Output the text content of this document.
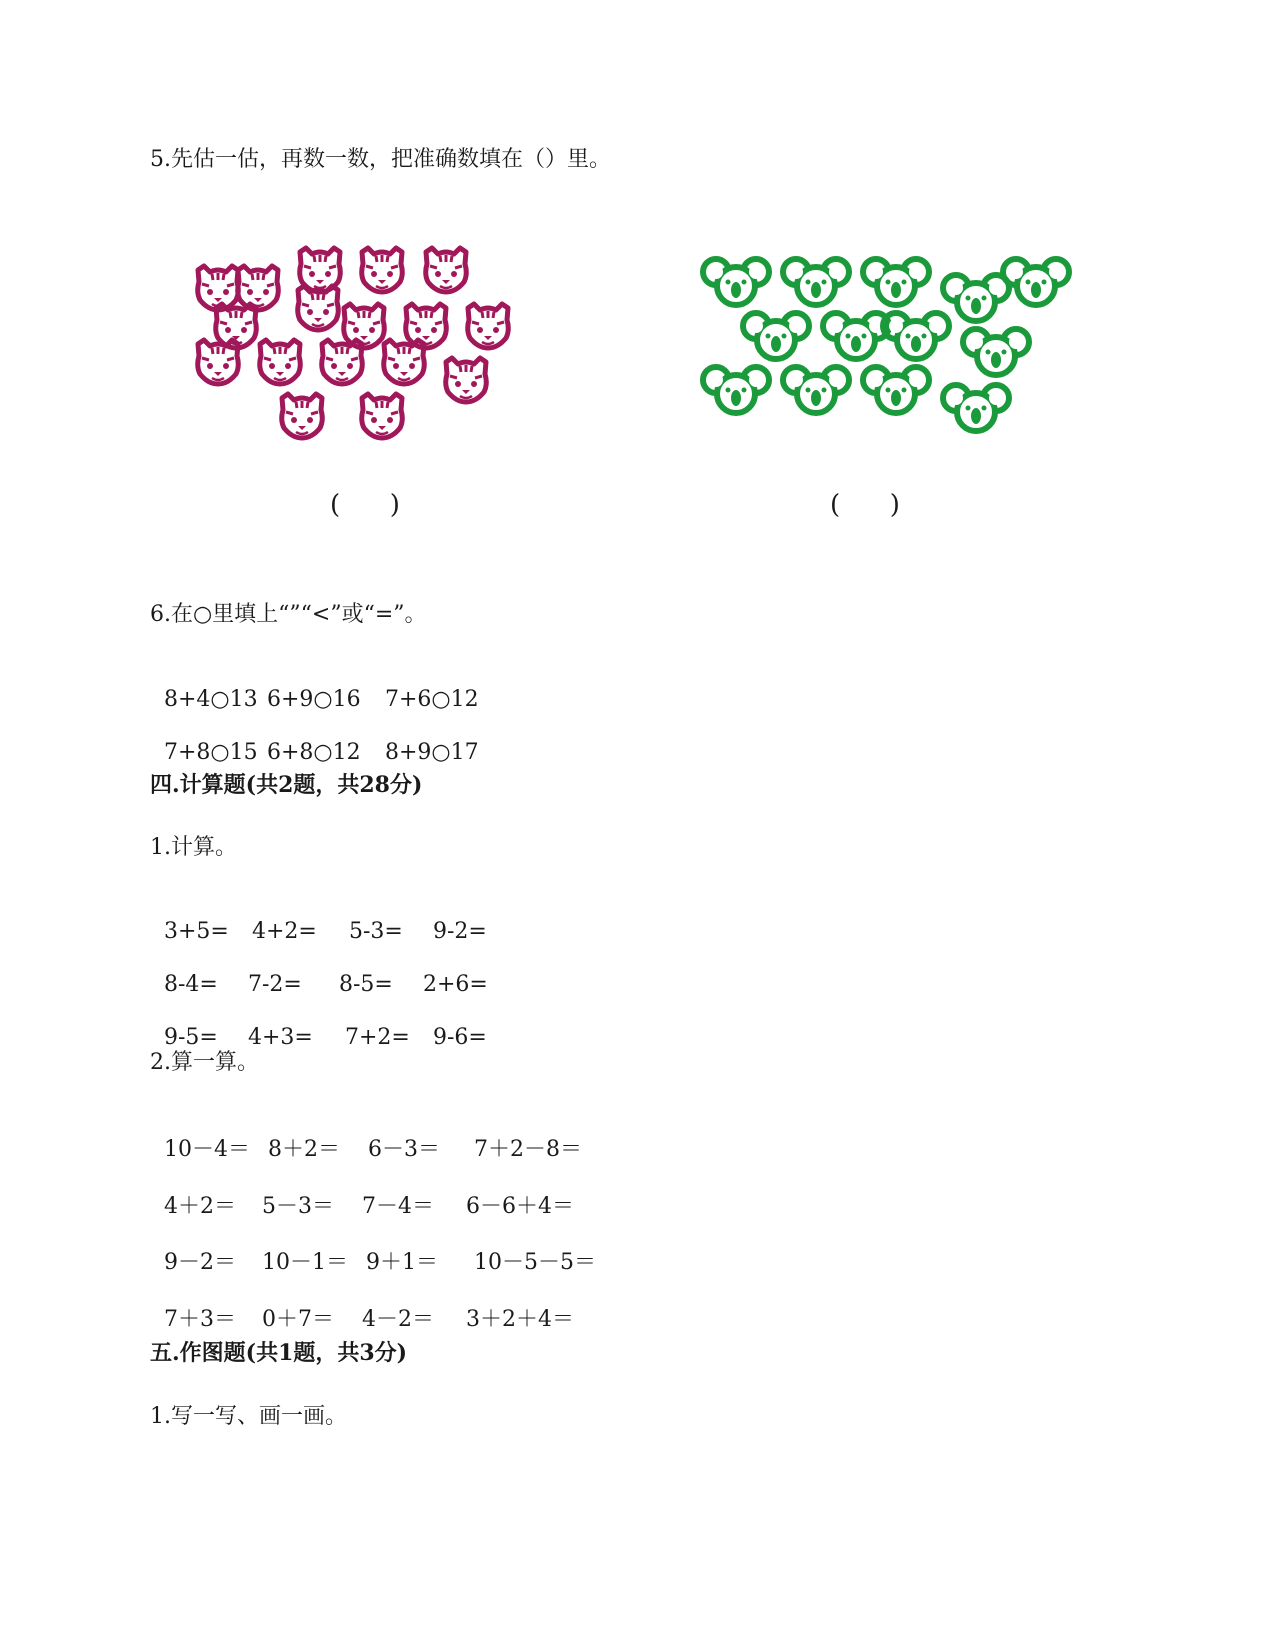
5.先估一估，再数一数，把准确数填在（）里。
(      )	(      )
6.在○里填上“”“<”或“=”。

8+4○13 6+9○16 7+6○12

7+8○15 6+8○12 8+9○17

四.计算题(共2题，共28分)
1.计算。

3+5= 4+2= 5-3= 9-2=

8-4= 7-2= 8-5= 2+6=

9-5= 4+3= 7+2= 9-6=

2.算一算。

10－4＝ 8＋2＝ 6－3＝ 7＋2－8＝

4＋2＝ 5－3＝ 7－4＝ 6－6＋4＝

9－2＝ 10－1＝ 9＋1＝ 10－5－5＝

7＋3＝ 0＋7＝ 4－2＝ 3＋2＋4＝

五.作图题(共1题，共3分)
1.写一写、画一画。
